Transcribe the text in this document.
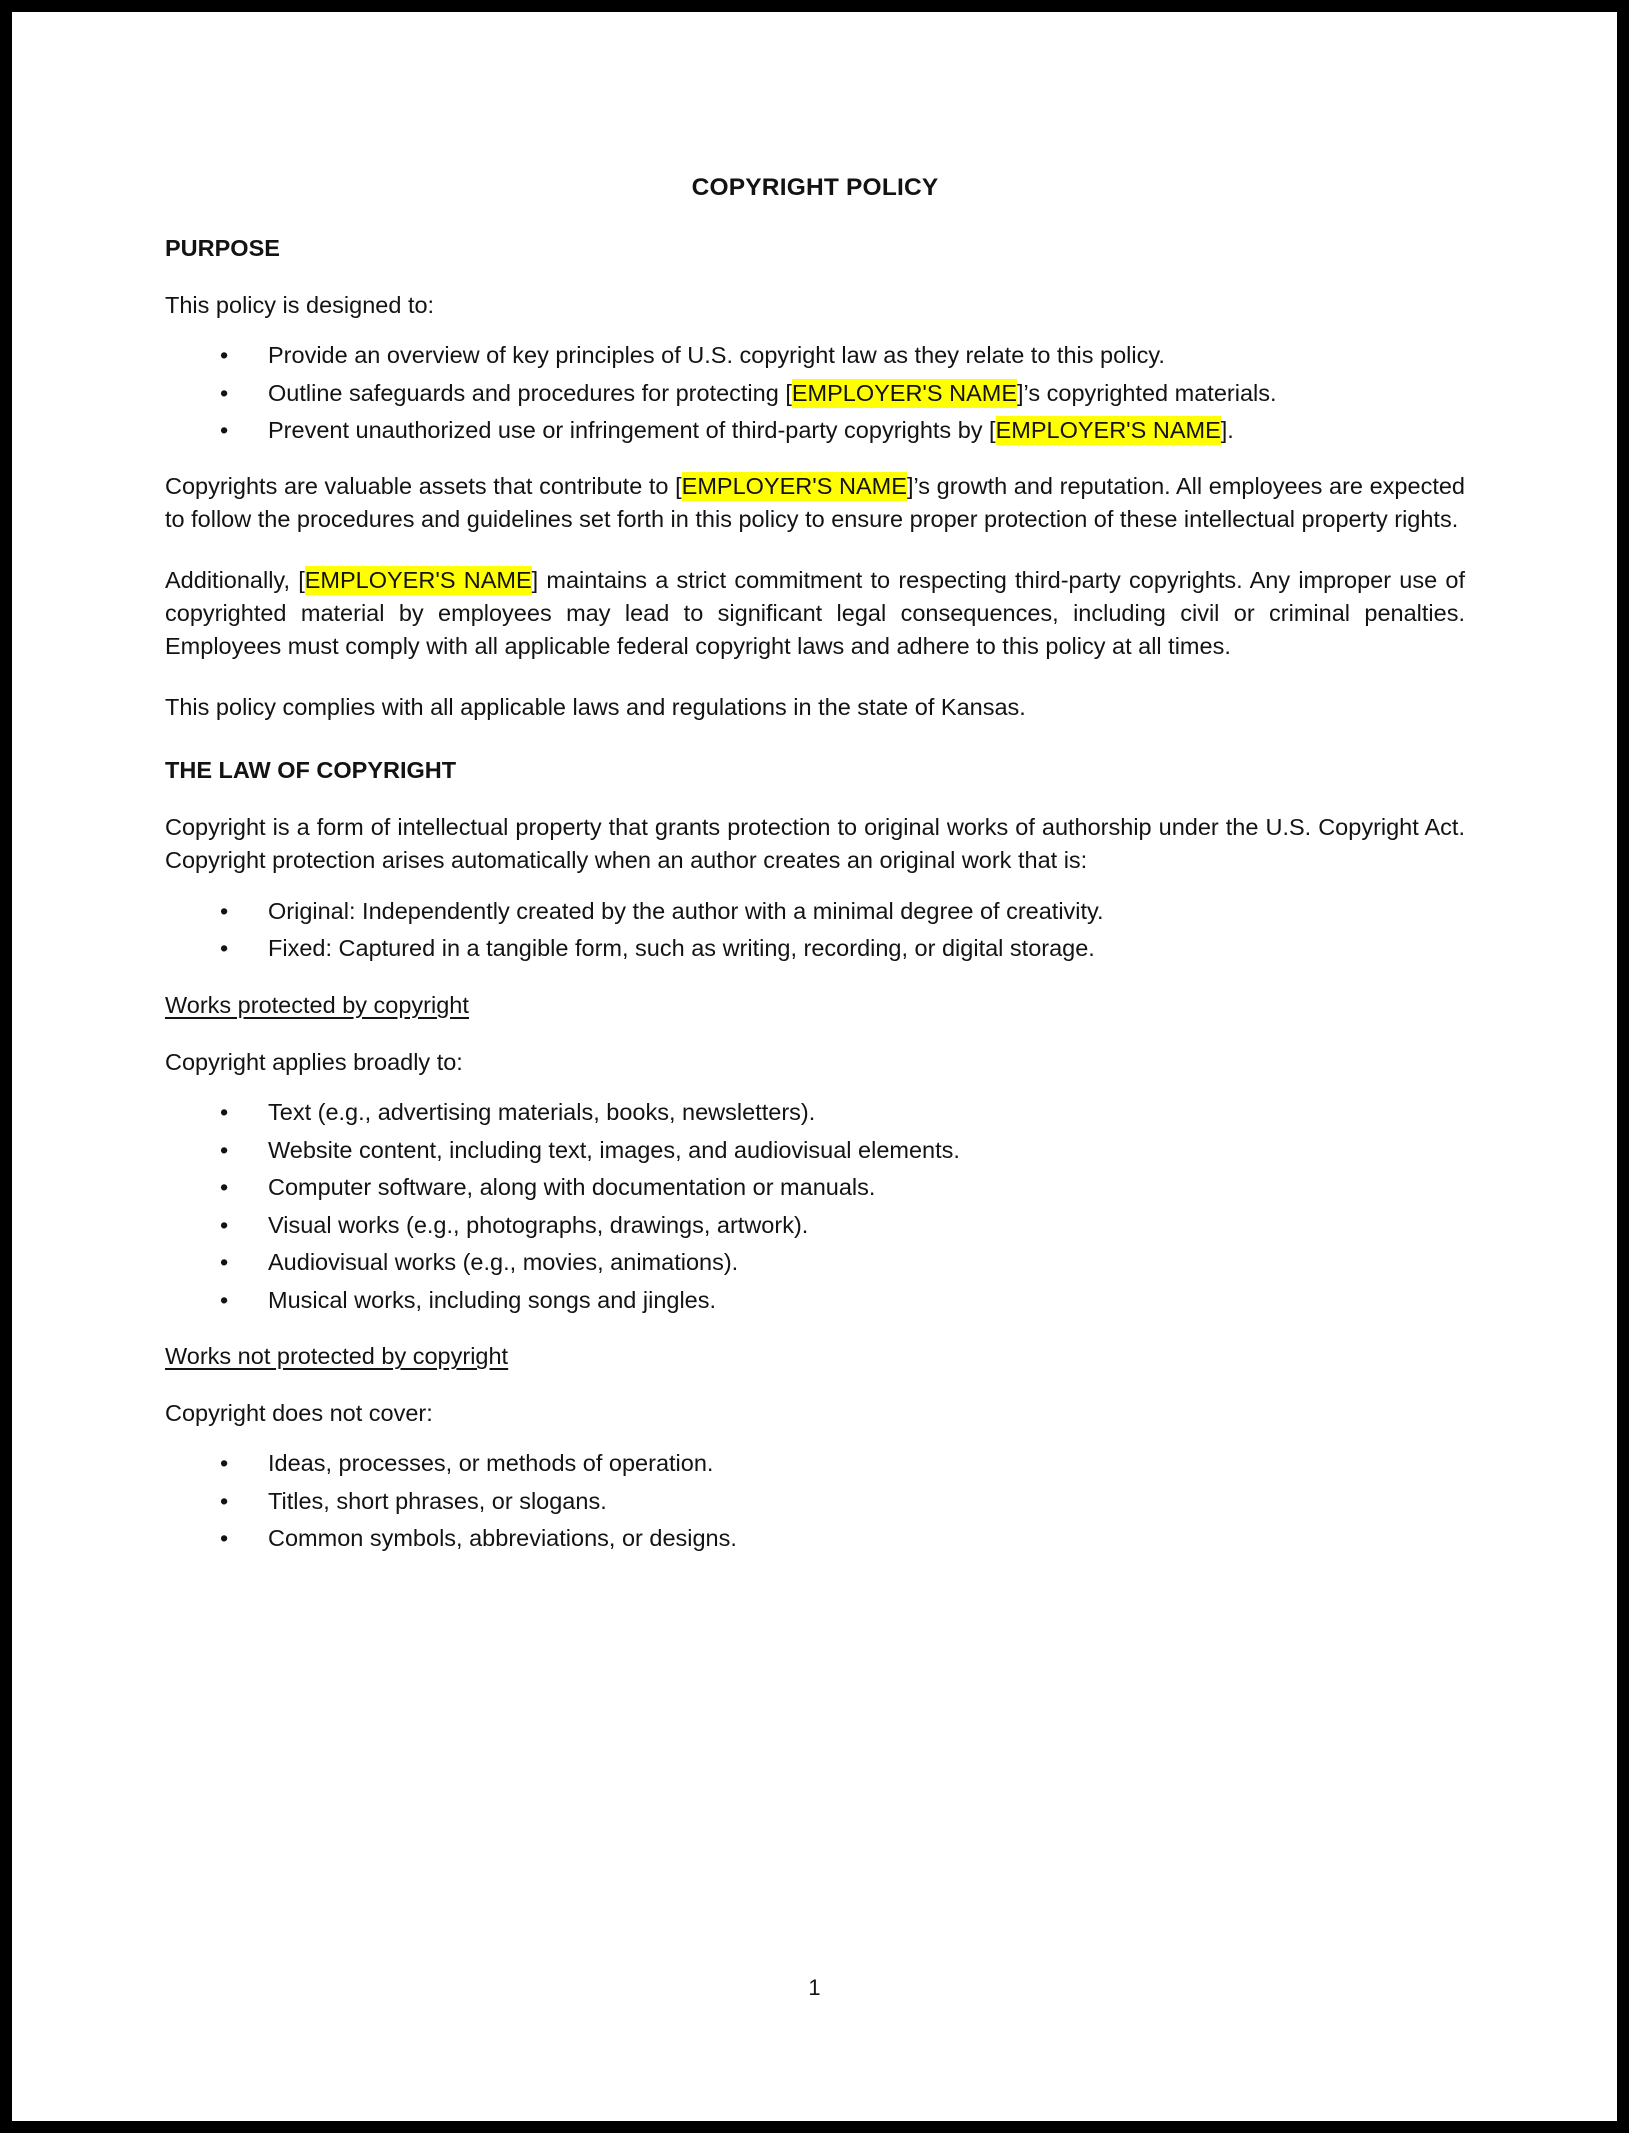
COPYRIGHT POLICY
PURPOSE

This policy is designed to:

• Provide an overview of key principles of U.S. copyright law as they relate to this policy.
• Outline safeguards and procedures for protecting [EMPLOYER'S NAME]’s copyrighted materials.
• Prevent unauthorized use or infringement of third-party copyrights by [EMPLOYER'S NAME].

Copyrights are valuable assets that contribute to [EMPLOYER'S NAME]’s growth and reputation. All employees are expected to follow the procedures and guidelines set forth in this policy to ensure proper protection of these intellectual property rights.

Additionally, [EMPLOYER'S NAME] maintains a strict commitment to respecting third-party copyrights. Any improper use of copyrighted material by employees may lead to significant legal consequences, including civil or criminal penalties. Employees must comply with all applicable federal copyright laws and adhere to this policy at all times.

This policy complies with all applicable laws and regulations in the state of Kansas.

THE LAW OF COPYRIGHT

Copyright is a form of intellectual property that grants protection to original works of authorship under the U.S. Copyright Act. Copyright protection arises automatically when an author creates an original work that is:

• Original: Independently created by the author with a minimal degree of creativity.
• Fixed: Captured in a tangible form, such as writing, recording, or digital storage.
Works protected by copyright

Copyright applies broadly to:

• Text (e.g., advertising materials, books, newsletters).
• Website content, including text, images, and audiovisual elements.
• Computer software, along with documentation or manuals.
• Visual works (e.g., photographs, drawings, artwork).
• Audiovisual works (e.g., movies, animations).
• Musical works, including songs and jingles.
Works not protected by copyright

Copyright does not cover:

• Ideas, processes, or methods of operation.
• Titles, short phrases, or slogans.
• Common symbols, abbreviations, or designs.
1
